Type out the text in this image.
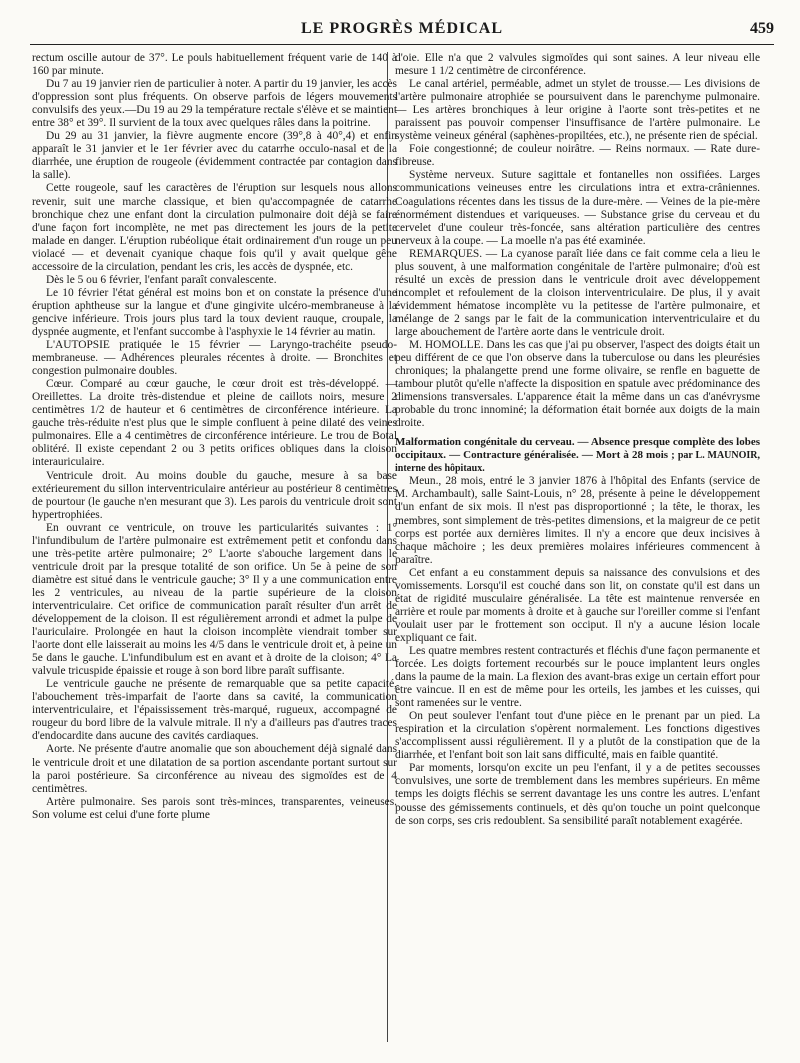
LE PROGRÈS MÉDICAL	459

rectum oscille autour de 37°. Le pouls habituellement fréquent varie de 140 à 160 par minute.

Du 7 au 19 janvier rien de particulier à noter. A partir du 19 janvier, les accès d'oppression sont plus fréquents. On observe parfois de légers mouvements convulsifs des yeux.—Du 19 au 29 la température rectale s'élève et se maintient entre 38° et 39°. Il survient de la toux avec quelques râles dans la poitrine.

Du 29 au 31 janvier, la fièvre augmente encore (39°,8 à 40°,4) et enfin apparaît le 31 janvier et le 1er février avec du catarrhe occulo-nasal et de la diarrhée, une éruption de rougeole (évidemment contractée par contagion dans la salle).

Cette rougeole, sauf les caractères de l'éruption sur lesquels nous allons revenir, suit une marche classique, et bien qu'accompagnée de catarrhe bronchique chez une enfant dont la circulation pulmonaire doit déjà se faire d'une façon fort incomplète, ne met pas directement les jours de la petite malade en danger. L'éruption rubéolique était ordinairement d'un rouge un peu violacé — et devenait cyanique chaque fois qu'il y avait quelque gêne accessoire de la circulation, pendant les cris, les accès de dyspnée, etc.

Dès le 5 ou 6 février, l'enfant paraît convalescente.

Le 10 février l'état général est moins bon et on constate la présence d'une éruption aphtheuse sur la langue et d'une gingivite ulcéro-membraneuse à la gencive inférieure. Trois jours plus tard la toux devient rauque, croupale, la dyspnée augmente, et l'enfant succombe à l'asphyxie le 14 février au matin.

L'AUTOPSIE pratiquée le 15 février — Laryngo-trachéite pseudo-membraneuse. — Adhérences pleurales récentes à droite. — Bronchites et congestion pulmonaire doubles.

Cœur. Comparé au cœur gauche, le cœur droit est très-développé. — Oreillettes. La droite très-distendue et pleine de caillots noirs, mesure 2 centimètres 1/2 de hauteur et 6 centimètres de circonférence intérieure. La gauche très-réduite n'est plus que le simple confluent à peine dilaté des veines pulmonaires. Elle a 4 centimètres de circonférence intérieure. Le trou de Botal oblitéré. Il existe cependant 2 ou 3 petits orifices obliques dans la cloison interauriculaire.

Ventricule droit. Au moins double du gauche, mesure à sa base extérieurement du sillon interventriculaire antérieur au postérieur 8 centimètres de pourtour (le gauche n'en mesurant que 3). Les parois du ventricule droit sont hypertrophiées.

En ouvrant ce ventricule, on trouve les particularités suivantes : 1° l'infundibulum de l'artère pulmonaire est extrêmement petit et confondu dans une très-petite artère pulmonaire; 2° L'aorte s'abouche largement dans le ventricule droit par la presque totalité de son orifice. Un 5e à peine de son diamètre est situé dans le ventricule gauche; 3° Il y a une communication entre les 2 ventricules, au niveau de la partie supérieure de la cloison interventriculaire. Cet orifice de communication paraît résulter d'un arrêt de développement de la cloison. Il est régulièrement arrondi et admet la pulpe de l'auriculaire. Prolongée en haut la cloison incomplète viendrait tomber sur l'aorte dont elle laisserait au moins les 4/5 dans le ventricule droit et, à peine un 5e dans le gauche. L'infundibulum est en avant et à droite de la cloison; 4° La valvule tricuspide épaissie et rouge à son bord libre paraît suffisante.

Le ventricule gauche ne présente de remarquable que sa petite capacité, l'abouchement très-imparfait de l'aorte dans sa cavité, la communication interventriculaire, et l'épaississement très-marqué, rugueux, accompagné de rougeur du bord libre de la valvule mitrale. Il n'y a d'ailleurs pas d'autres traces d'endocardite dans aucune des cavités cardiaques.

Aorte. Ne présente d'autre anomalie que son abouchement déjà signalé dans le ventricule droit et une dilatation de sa portion ascendante portant surtout sur la paroi postérieure. Sa circonférence au niveau des sigmoïdes est de 4 centimètres.

Artère pulmonaire. Ses parois sont très-minces, transparentes, veineuses. Son volume est celui d'une forte plume

d'oie. Elle n'a que 2 valvules sigmoïdes qui sont saines. A leur niveau elle mesure 1 1/2 centimètre de circonférence.

Le canal artériel, perméable, admet un stylet de trousse.— Les divisions de l'artère pulmonaire atrophiée se poursuivent dans le parenchyme pulmonaire. — Les artères bronchiques à leur origine à l'aorte sont très-petites et ne paraissent pas pouvoir compenser l'insuffisance de l'artère pulmonaire. Le système veineux général (saphènes-propiltées, etc.), ne présente rien de spécial.

Foie congestionné; de couleur noirâtre. — Reins normaux. — Rate dure-fibreuse.

Système nerveux. Suture sagittale et fontanelles non ossifiées. Larges communications veineuses entre les circulations intra et extra-crâniennes. Coagulations récentes dans les tissus de la dure-mère. — Veines de la pie-mère énormément distendues et variqueuses. — Substance grise du cerveau et du cervelet d'une couleur très-foncée, sans altération particulière des centres nerveux à la coupe. — La moelle n'a pas été examinée.

REMARQUES. — La cyanose paraît liée dans ce fait comme cela a lieu le plus souvent, à une malformation congénitale de l'artère pulmonaire; d'où est résulté un excès de pression dans le ventricule droit avec développement incomplet et refoulement de la cloison interventriculaire. De plus, il y avait évidemment hématose incomplète vu la petitesse de l'artère pulmonaire, et mélange de 2 sangs par le fait de la communication interventriculaire et du large abouchement de l'artère aorte dans le ventricule droit.

M. HOMOLLE. Dans les cas que j'ai pu observer, l'aspect des doigts était un peu différent de ce que l'on observe dans la tuberculose ou dans les pleurésies chroniques; la phalangette prend une forme olivaire, se renfle en baguette de tambour plutôt qu'elle n'affecte la disposition en spatule avec prédominance des dimensions transversales. L'apparence était la même dans un cas d'anévrysme probable du tronc innominé; la déformation était bornée aux doigts de la main droite.

Malformation congénitale du cerveau. — Absence presque complète des lobes occipitaux. — Contracture généralisée. — Mort à 28 mois ; par L. MAUNOIR, interne des hôpitaux.

Meun., 28 mois, entré le 3 janvier 1876 à l'hôpital des Enfants (service de M. Archambault), salle Saint-Louis, n° 28, présente à peine le développement d'un enfant de six mois. Il n'est pas disproportionné ; la tête, le thorax, les membres, sont simplement de très-petites dimensions, et la maigreur de ce petit corps est portée aux dernières limites. Il n'y a encore que deux incisives à chaque mâchoire ; les deux premières molaires inférieures commencent à paraître.

Cet enfant a eu constamment depuis sa naissance des convulsions et des vomissements. Lorsqu'il est couché dans son lit, on constate qu'il est dans un état de rigidité musculaire généralisée. La tête est maintenue renversée en arrière et roule par moments à droite et à gauche sur l'oreiller comme si l'enfant voulait user par le frottement son occiput. Il n'y a aucune lésion locale expliquant ce fait.

Les quatre membres restent contracturés et fléchis d'une façon permanente et forcée. Les doigts fortement recourbés sur le pouce implantent leurs ongles dans la paume de la main. La flexion des avant-bras exige un certain effort pour être vaincue. Il en est de même pour les orteils, les jambes et les cuisses, qui sont ramenées sur le ventre.

On peut soulever l'enfant tout d'une pièce en le prenant par un pied. La respiration et la circulation s'opèrent normalement. Les fonctions digestives s'accomplissent aussi régulièrement. Il y a plutôt de la constipation que de la diarrhée, et l'enfant boit son lait sans difficulté, mais en faible quantité.

Par moments, lorsqu'on excite un peu l'enfant, il y a de petites secousses convulsives, une sorte de tremblement dans les membres supérieurs. En même temps les doigts fléchis se serrent davantage les uns contre les autres. L'enfant pousse des gémissements continuels, et dès qu'on touche un point quelconque de son corps, ses cris redoublent. Sa sensibilité paraît notablement exagérée.
